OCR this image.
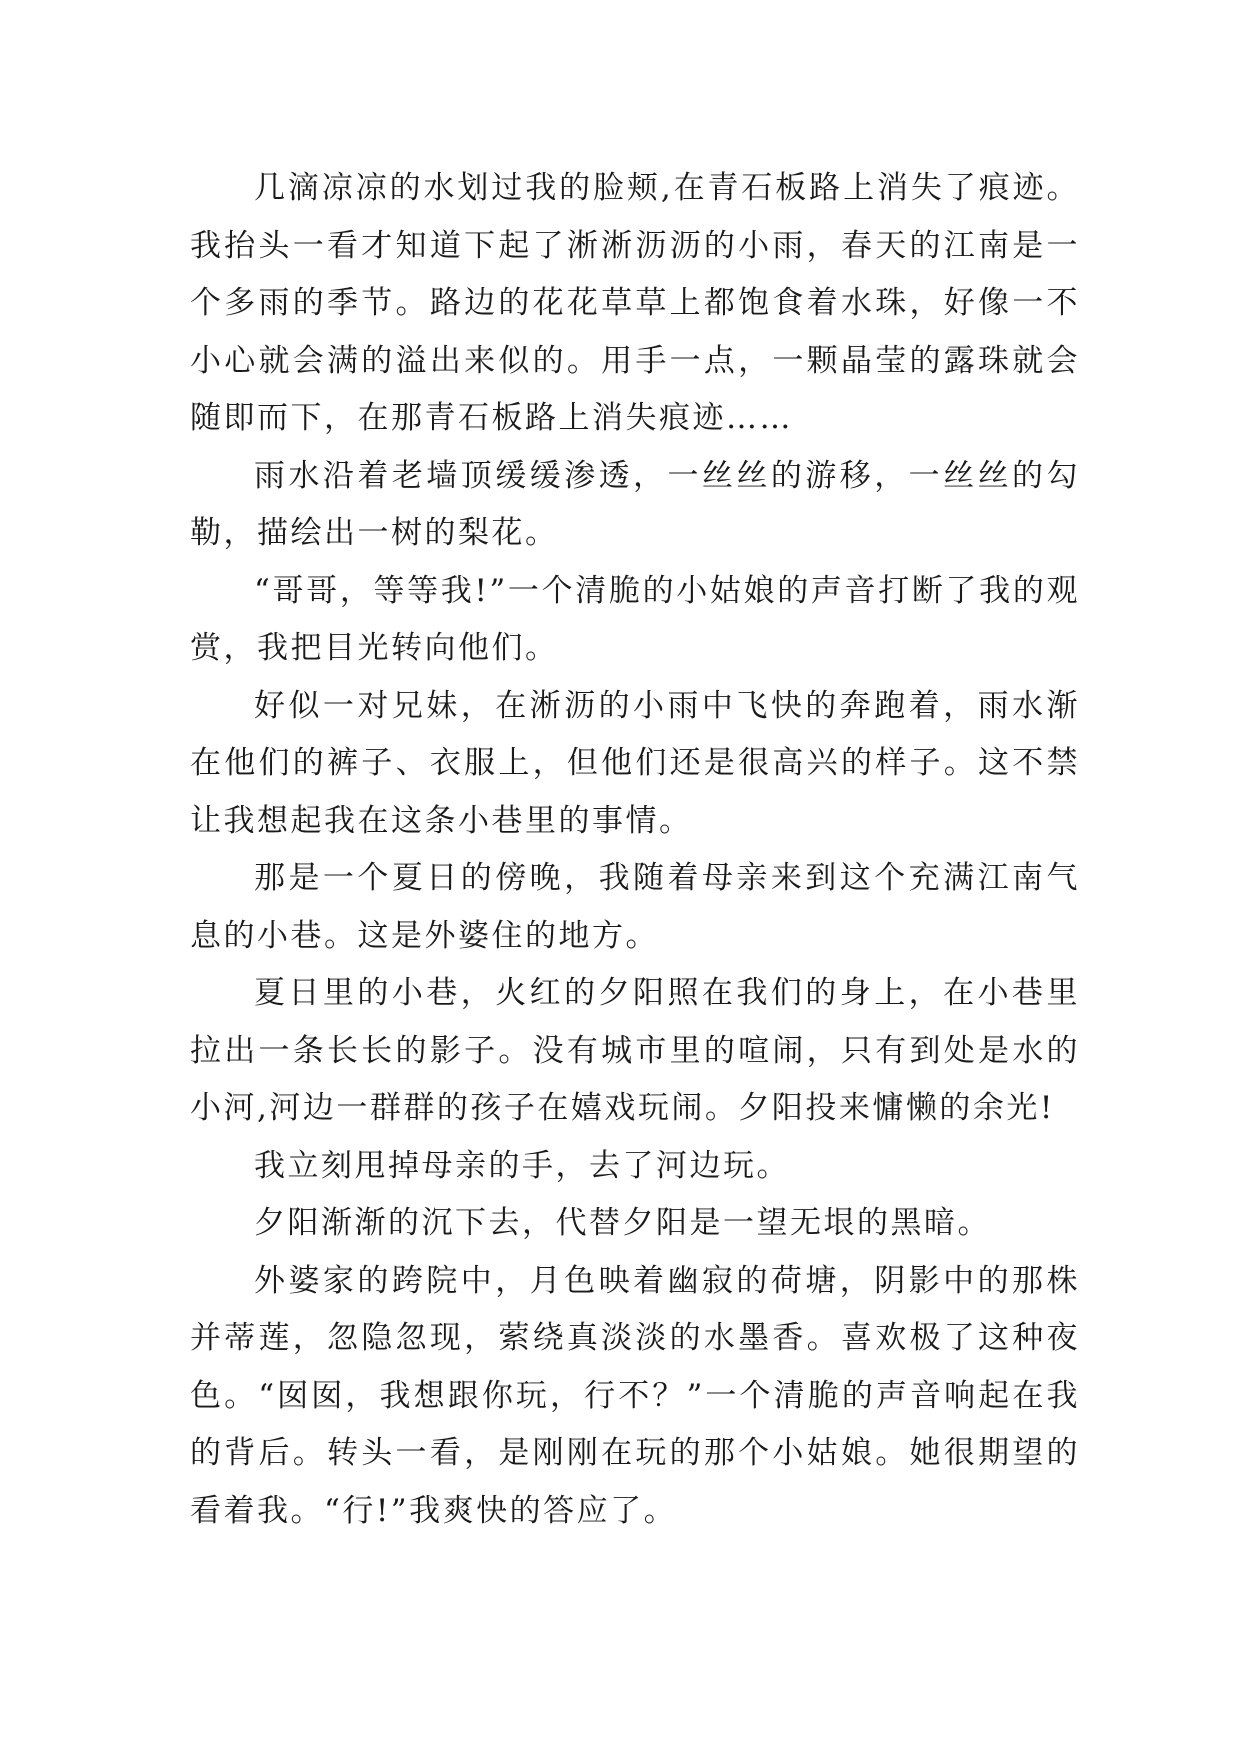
几滴凉凉的水划过我的脸颊,在青石板路上消失了痕迹。我抬头一看才知道下起了淅淅沥沥的小雨，春天的江南是一个多雨的季节。路边的花花草草上都饱食着水珠，好像一不小心就会满的溢出来似的。用手一点，一颗晶莹的露珠就会随即而下，在那青石板路上消失痕迹……

雨水沿着老墙顶缓缓渗透，一丝丝的游移，一丝丝的勾勒，描绘出一树的梨花。

“哥哥，等等我!”一个清脆的小姑娘的声音打断了我的观赏，我把目光转向他们。

好似一对兄妹，在淅沥的小雨中飞快的奔跑着，雨水渐在他们的裤子、衣服上，但他们还是很高兴的样子。这不禁让我想起我在这条小巷里的事情。

那是一个夏日的傍晚，我随着母亲来到这个充满江南气息的小巷。这是外婆住的地方。

夏日里的小巷，火红的夕阳照在我们的身上，在小巷里拉出一条长长的影子。没有城市里的喧闹，只有到处是水的小河,河边一群群的孩子在嬉戏玩闹。夕阳投来慵懒的余光!

我立刻甩掉母亲的手，去了河边玩。

夕阳渐渐的沉下去，代替夕阳是一望无垠的黑暗。

外婆家的跨院中，月色映着幽寂的荷塘，阴影中的那株并蒂莲，忽隐忽现，萦绕真淡淡的水墨香。喜欢极了这种夜色。“囡囡，我想跟你玩，行不？”一个清脆的声音响起在我的背后。转头一看，是刚刚在玩的那个小姑娘。她很期望的看着我。“行!”我爽快的答应了。
